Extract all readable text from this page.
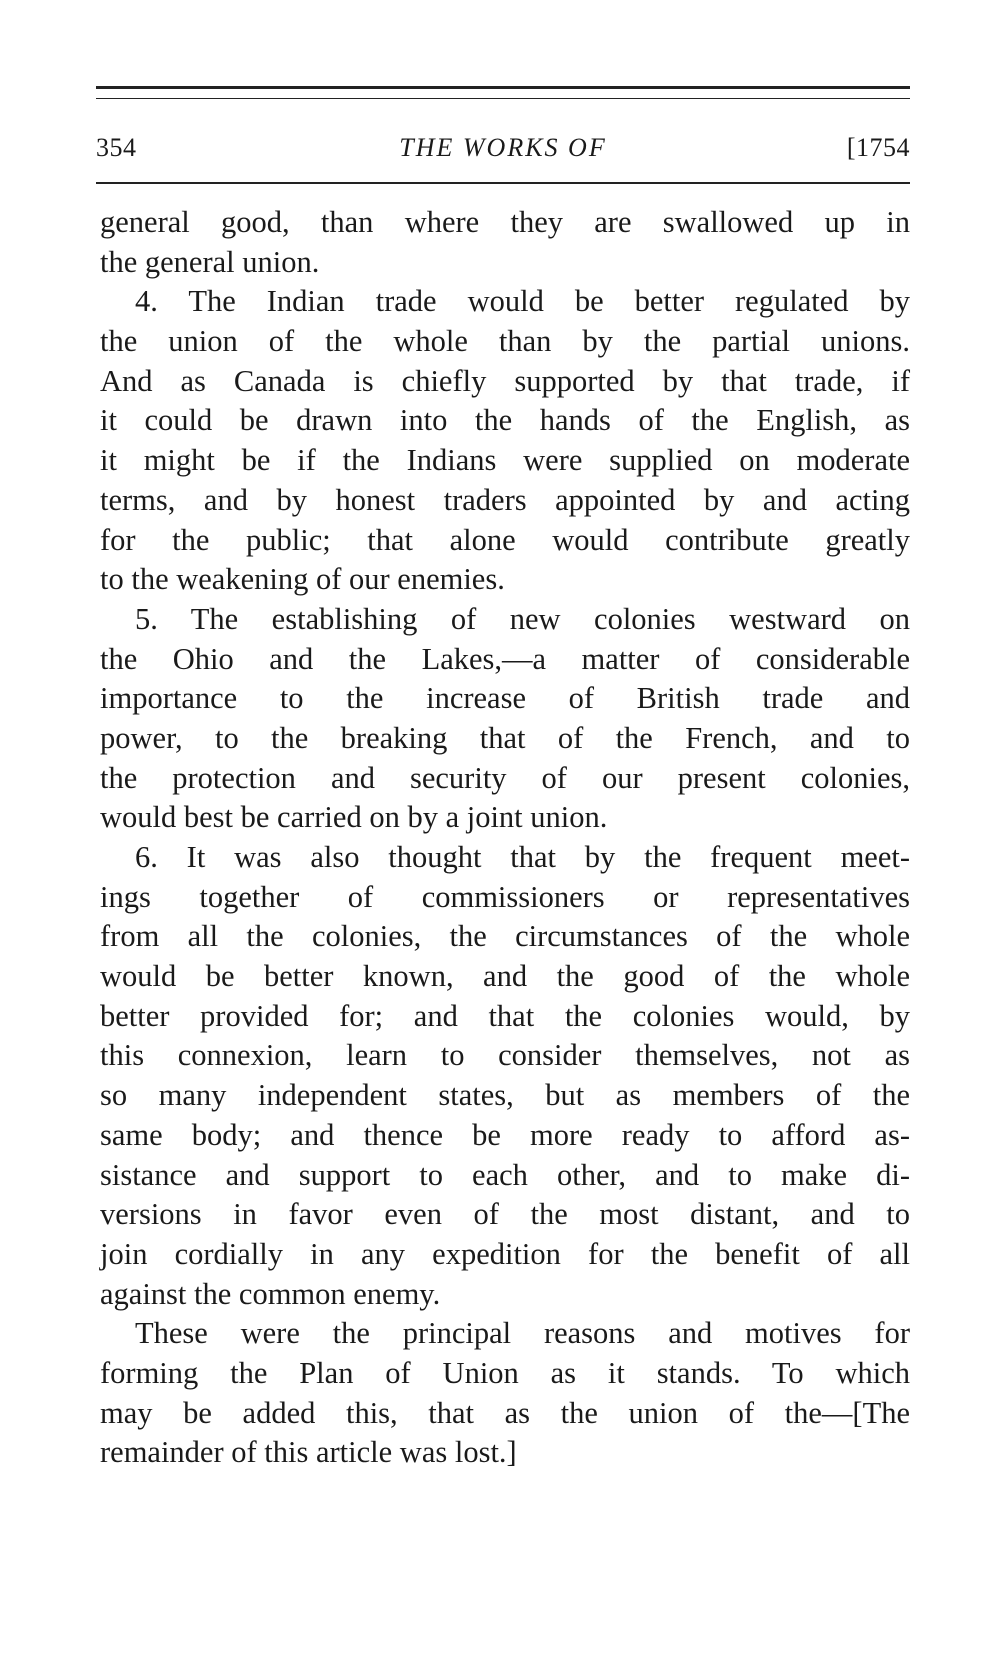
354	THE WORKS OF	[1754
general good, than where they are swallowed up in
the general union.
4. The Indian trade would be better regulated by
the union of the whole than by the partial unions.
And as Canada is chiefly supported by that trade, if
it could be drawn into the hands of the English, as
it might be if the Indians were supplied on moderate
terms, and by honest traders appointed by and acting
for the public; that alone would contribute greatly
to the weakening of our enemies.
5. The establishing of new colonies westward on
the Ohio and the Lakes,—a matter of considerable
importance to the increase of British trade and
power, to the breaking that of the French, and to
the protection and security of our present colonies,
would best be carried on by a joint union.
6. It was also thought that by the frequent meet-
ings together of commissioners or representatives
from all the colonies, the circumstances of the whole
would be better known, and the good of the whole
better provided for; and that the colonies would, by
this connexion, learn to consider themselves, not as
so many independent states, but as members of the
same body; and thence be more ready to afford as-
sistance and support to each other, and to make di-
versions in favor even of the most distant, and to
join cordially in any expedition for the benefit of all
against the common enemy.
These were the principal reasons and motives for
forming the Plan of Union as it stands. To which
may be added this, that as the union of the—[The
remainder of this article was lost.]
